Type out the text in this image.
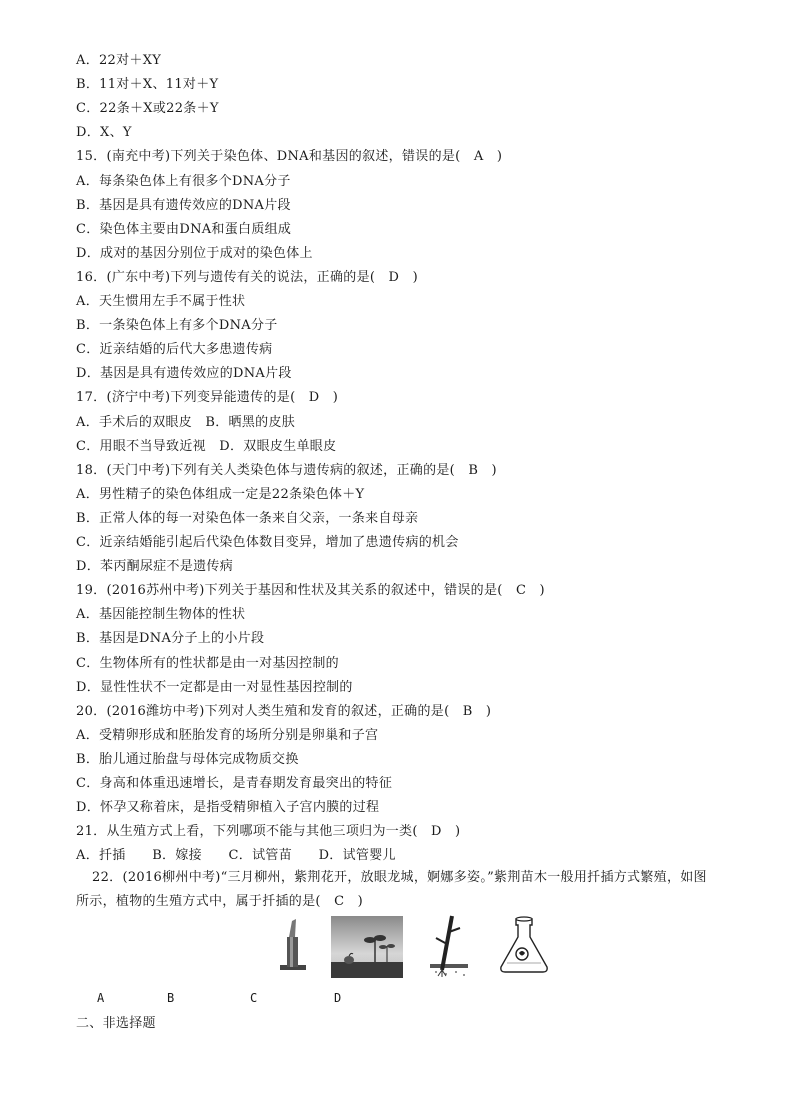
A．22对＋XY
B．11对＋X、11对＋Y
C．22条＋X或22条＋Y
D．X、Y
15．(南充中考)下列关于染色体、DNA和基因的叙述，错误的是(　A　)
A．每条染色体上有很多个DNA分子
B．基因是具有遗传效应的DNA片段
C．染色体主要由DNA和蛋白质组成
D．成对的基因分别位于成对的染色体上
16．(广东中考)下列与遗传有关的说法，正确的是(　D　)
A．天生惯用左手不属于性状
B．一条染色体上有多个DNA分子
C．近亲结婚的后代大多患遗传病
D．基因是具有遗传效应的DNA片段
17．(济宁中考)下列变异能遗传的是(　D　)
A．手术后的双眼皮　B．晒黑的皮肤
C．用眼不当导致近视　D．双眼皮生单眼皮
18．(天门中考)下列有关人类染色体与遗传病的叙述，正确的是(　B　)
A．男性精子的染色体组成一定是22条染色体＋Y
B．正常人体的每一对染色体一条来自父亲，一条来自母亲
C．近亲结婚能引起后代染色体数目变异，增加了患遗传病的机会
D．苯丙酮尿症不是遗传病
19．(2016苏州中考)下列关于基因和性状及其关系的叙述中，错误的是(　C　)
A．基因能控制生物体的性状
B．基因是DNA分子上的小片段
C．生物体所有的性状都是由一对基因控制的
D．显性性状不一定都是由一对显性基因控制的
20．(2016潍坊中考)下列对人类生殖和发育的叙述，正确的是(　B　)
A．受精卵形成和胚胎发育的场所分别是卵巢和子宫
B．胎儿通过胎盘与母体完成物质交换
C．身高和体重迅速增长，是青春期发育最突出的特征
D．怀孕又称着床，是指受精卵植入子宫内膜的过程
21．从生殖方式上看，下列哪项不能与其他三项归为一类(　D　)
A．扦插　　B．嫁接　　C．试管苗　　D．试管婴儿
22．(2016柳州中考)“三月柳州，紫荆花开，放眼龙城，婀娜多姿。”紫荆苗木一般用扦插方式繁殖，如图
所示，植物的生殖方式中，属于扦插的是(　C　)
A	B	C	D
二、非选择题
